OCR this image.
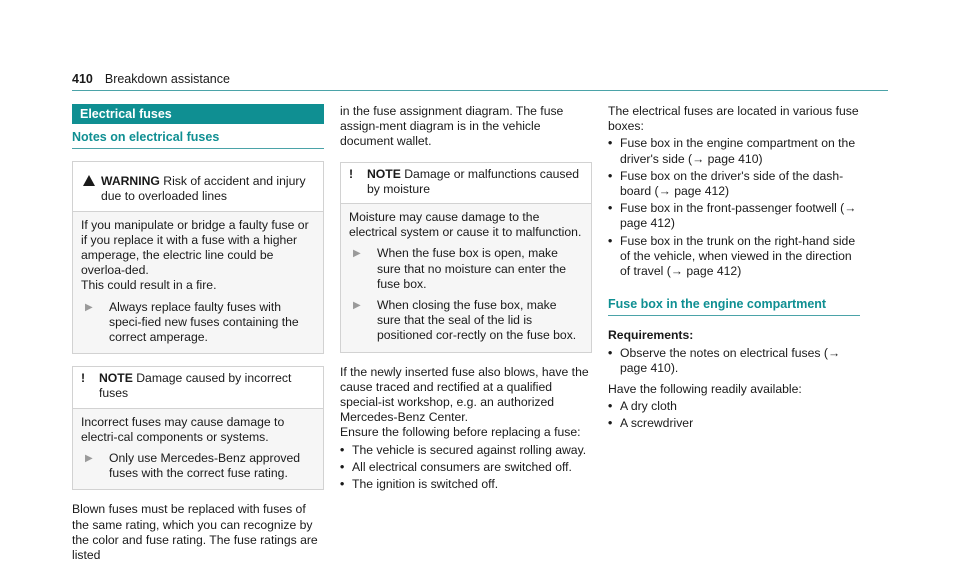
410 Breakdown assistance
Electrical fuses
Notes on electrical fuses
WARNING Risk of accident and injury due to overloaded lines
If you manipulate or bridge a faulty fuse or if you replace it with a fuse with a higher amperage, the electric line could be overloa-ded.
This could result in a fire.
▶	Always replace faulty fuses with speci-fied new fuses containing the correct amperage.
!	NOTE Damage caused by incorrect fuses
Incorrect fuses may cause damage to electri-cal components or systems.
▶	Only use Mercedes-Benz approved fuses with the correct fuse rating.
Blown fuses must be replaced with fuses of the same rating, which you can recognize by the color and fuse rating. The fuse ratings are listed
in the fuse assignment diagram. The fuse assign-ment diagram is in the vehicle document wallet.
!	NOTE Damage or malfunctions caused by moisture
Moisture may cause damage to the electrical system or cause it to malfunction.
▶	When the fuse box is open, make sure that no moisture can enter the fuse box.
▶	When closing the fuse box, make sure that the seal of the lid is positioned cor-rectly on the fuse box.
If the newly inserted fuse also blows, have the cause traced and rectified at a qualified special-ist workshop, e.g. an authorized Mercedes-Benz Center.
Ensure the following before replacing a fuse:
•
The vehicle is secured against rolling away.
•
All electrical consumers are switched off.
•
The ignition is switched off.
The electrical fuses are located in various fuse boxes:
•
Fuse box in the engine compartment on the driver's side (→ page 410)
•
Fuse box on the driver's side of the dash-board (→ page 412)
•
Fuse box in the front-passenger footwell (→ page 412)
•
Fuse box in the trunk on the right-hand side of the vehicle, when viewed in the direction of travel (→ page 412)
Fuse box in the engine compartment
Requirements:
•
Observe the notes on electrical fuses (→ page 410).
Have the following readily available:
•
A dry cloth
•
A screwdriver
